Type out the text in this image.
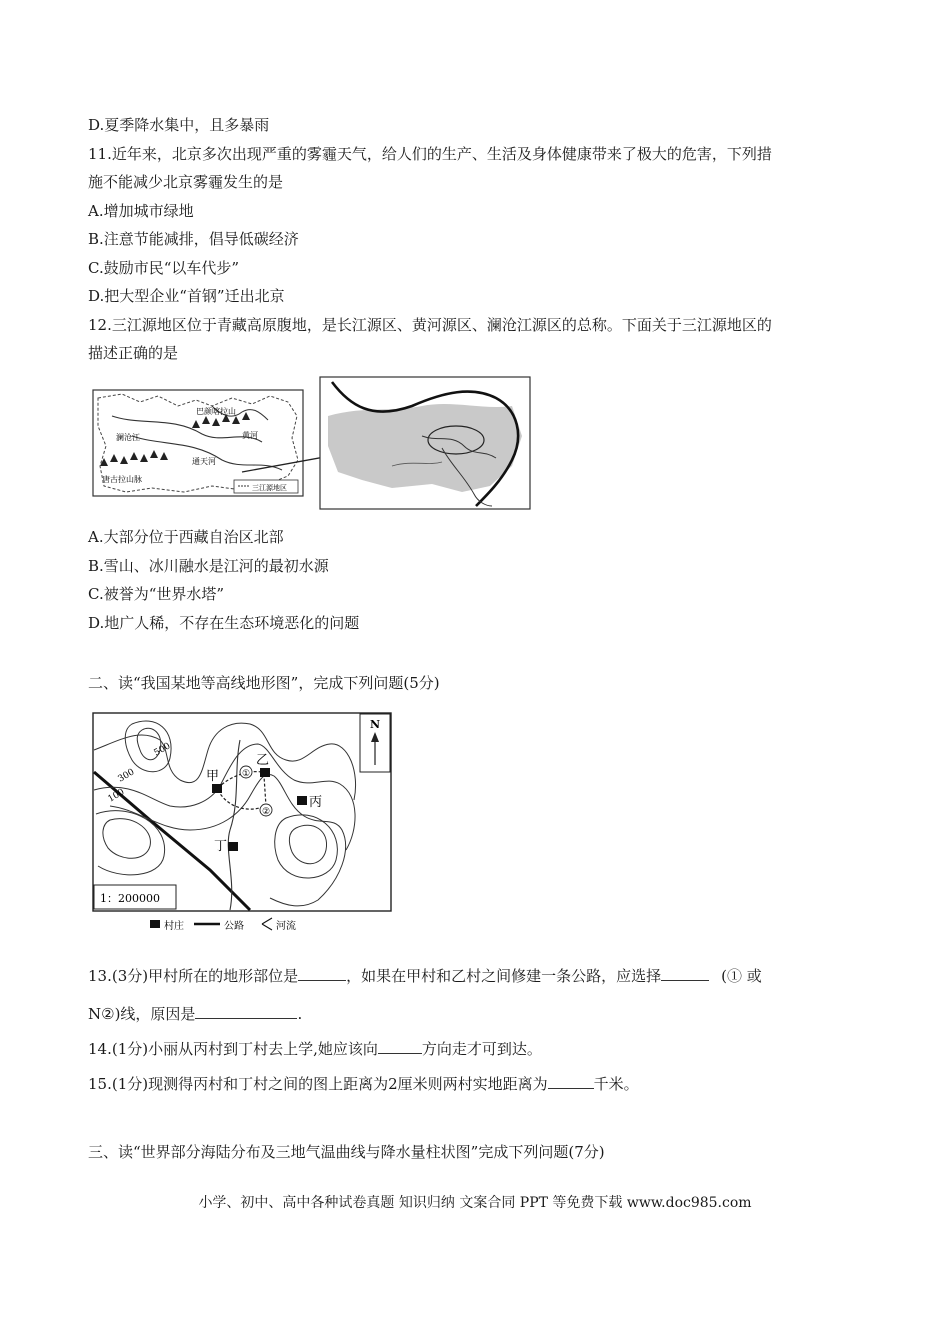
D.夏季降水集中，且多暴雨
11.近年来，北京多次出现严重的雾霾天气，给人们的生产、生活及身体健康带来了极大的危害，下列措
施不能减少北京雾霾发生的是
A.增加城市绿地
B.注意节能减排，倡导低碳经济
C.鼓励市民“以车代步”
D.把大型企业“首钢”迁出北京
12.三江源地区位于青藏高原腹地，是长江源区、黄河源区、澜沧江源区的总称。下面关于三江源地区的
描述正确的是
澜沧江
巴颜喀拉山
黄河
通天河
唐古拉山脉
三江源地区
A.大部分位于西藏自治区北部
B.雪山、冰川融水是江河的最初水源
C.被誉为“世界水塔”
D.地广人稀，不存在生态环境恶化的问题
二、读“我国某地等高线地形图”，完成下列问题(5分)
N
①
②
甲
乙
丙
丁
500
300
100
1：200000
村庄	公路	河流
13.(3分)甲村所在的地形部位是	，如果在甲村和乙村之间修建一条公路，应选择	(① 或
N②)线，原因是	.
14.(1分)小丽从丙村到丁村去上学,她应该向	方向走才可到达。
15.(1分)现测得丙村和丁村之间的图上距离为2厘米则两村实地距离为	千米。
三、读“世界部分海陆分布及三地气温曲线与降水量柱状图”完成下列问题(7分)
小学、初中、高中各种试卷真题 知识归纳 文案合同 PPT 等免费下载 www.doc985.com
